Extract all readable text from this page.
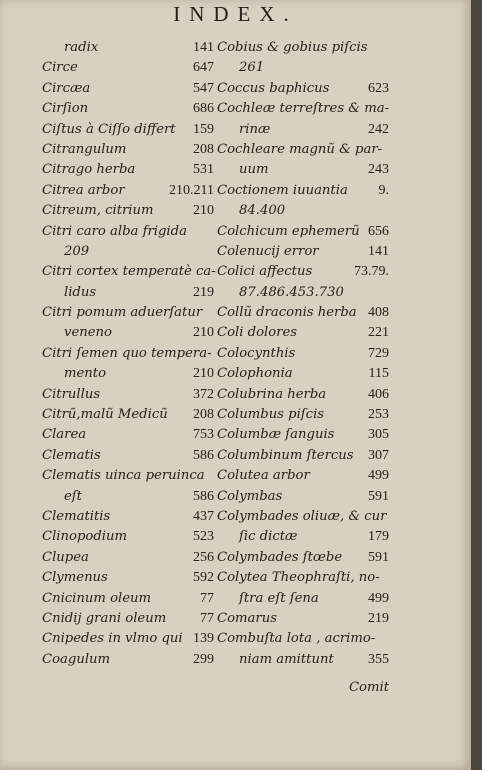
INDEX.
radix	141
Circe	647
Circæa	547
Cirſion	686
Ciſtus à Ciſſo differt 159
Citrangulum	208
Citrago herba	531
Citrea arbor	210.211
Citreum, citrium	210
Citri caro alba frigida
209
Citri cortex temperatè ca-
lidus	219
Citri pomum aduerſatur
veneno	210
Citri ſemen quo tempera-
mento	210
Citrullus	372
Citrũ,malũ Medicũ 208
Clarea	753
Clematis	586
Clematis uinca peruinca
eſt	586
Clematitis	437
Clinopodium	523
Clupea	256
Clymenus	592
Cnicinum oleum	77
Cnidij grani oleum 77
Cnipedes in vlmo qui 139
Coagulum	299
Cobius & gobius piſcis
261
Coccus baphicus	623
Cochleæ terreſtres & ma-
rinæ	242
Cochleare magnũ & par-
uum	243
Coctionem iuuantia 9.
84.400
Colchicum ephemerũ 656
Colenucij error	141
Colici affectus	73.79.
87.486.453.730
Collũ draconis herba 408
Coli dolores	221
Colocynthis	729
Colophonia	115
Colubrina herba	406
Columbus piſcis	253
Columbæ ſanguis 305
Columbinum ſtercus 307
Colutea arbor	499
Colymbas	591
Colymbades oliuæ, & cur
ſic dictæ	179
Colymbades ſtœbe 591
Colytea Theophraſti, no-
ſtra eſt ſena	499
Comarus	219
Combuſta lota , acrimo-
niam amittunt 355
Comit
